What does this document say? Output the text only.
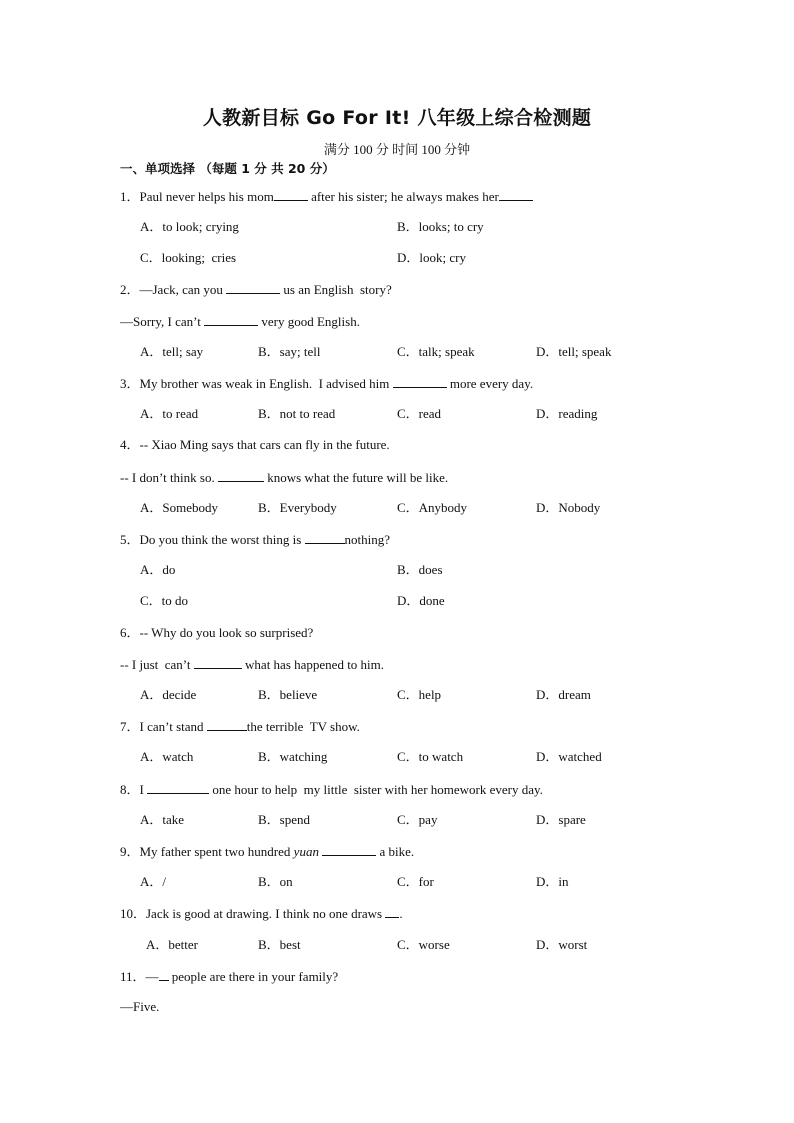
人教新目标 Go For It! 八年级上综合检测题
满分 100 分 时间 100 分钟
一、单项选择 （每题 1 分 共 20 分）
1．Paul never helps his mom	after his sister; he always makes her
A．to look; crying	B．looks; to cry
C．looking;  cries	D．look; cry
2．—Jack, can you	us an English  story?
—Sorry, I can’t	very good English.
A．tell; say	B．say; tell	C．talk; speak	D．tell; speak
3．My brother was weak in English.  I advised him	more every day.
A．to read	B．not to read	C．read	D．reading
4．-- Xiao Ming says that cars can fly in the future.
-- I don’t think so.	knows what the future will be like.
A．Somebody	B．Everybody	C．Anybody	D．Nobody
5．Do you think the worst thing is	nothing?
A．do	B．does
C．to do	D．done
6．-- Why do you look so surprised?
-- I just  can’t	what has happened to him.
A．decide	B．believe	C．help	D．dream
7．I can’t stand	the terrible  TV show.
A．watch	B．watching	C．to watch	D．watched
8．I	one hour to help  my little  sister with her homework every day.
A．take	B．spend	C．pay	D．spare
9．My father spent two hundred yuan	a bike.
A．/	B．on	C．for	D．in
10．Jack is good at drawing. I think no one draws .
A．better	B．best	C．worse	D．worst
11．— people are there in your family?
—Five.
